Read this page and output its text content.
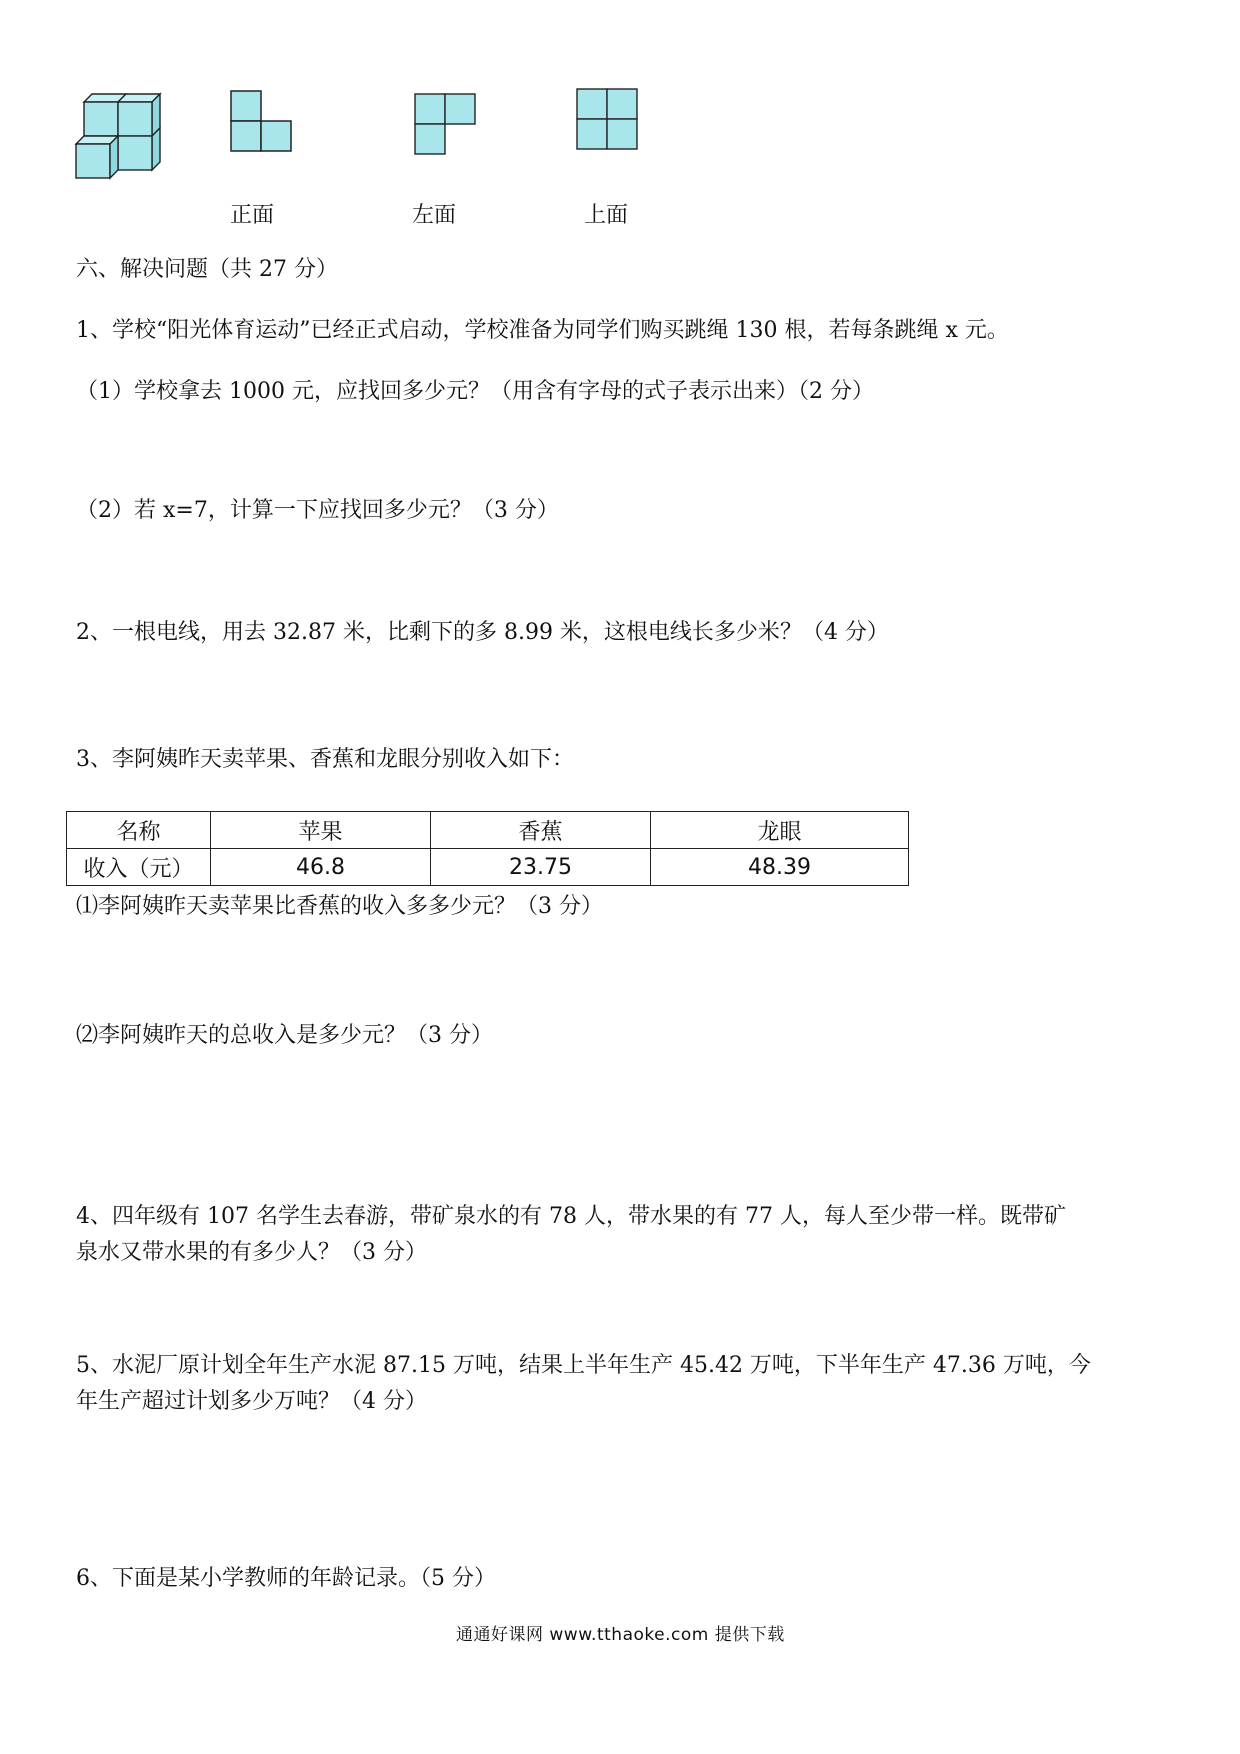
正面	左面	上面
六、解决问题（共 27 分）
1、学校“阳光体育运动”已经正式启动，学校准备为同学们购买跳绳 130 根，若每条跳绳 x 元。
（1）学校拿去 1000 元，应找回多少元？（用含有字母的式子表示出来）（2 分）
（2）若 x=7，计算一下应找回多少元？（3 分）
2、一根电线，用去 32.87 米，比剩下的多 8.99 米，这根电线长多少米？（4 分）
3、李阿姨昨天卖苹果、香蕉和龙眼分别收入如下：
名称	苹果	香蕉	龙眼
收入（元）	46.8	23.75	48.39
⑴李阿姨昨天卖苹果比香蕉的收入多多少元？（3 分）
⑵李阿姨昨天的总收入是多少元？（3 分）
4、四年级有 107 名学生去春游，带矿泉水的有 78 人，带水果的有 77 人，每人至少带一样。既带矿
泉水又带水果的有多少人？（3 分）
5、水泥厂原计划全年生产水泥 87.15 万吨，结果上半年生产 45.42 万吨，下半年生产 47.36 万吨，今
年生产超过计划多少万吨？（4 分）
6、下面是某小学教师的年龄记录。（5 分）
通通好课网 www.tthaoke.com 提供下载
